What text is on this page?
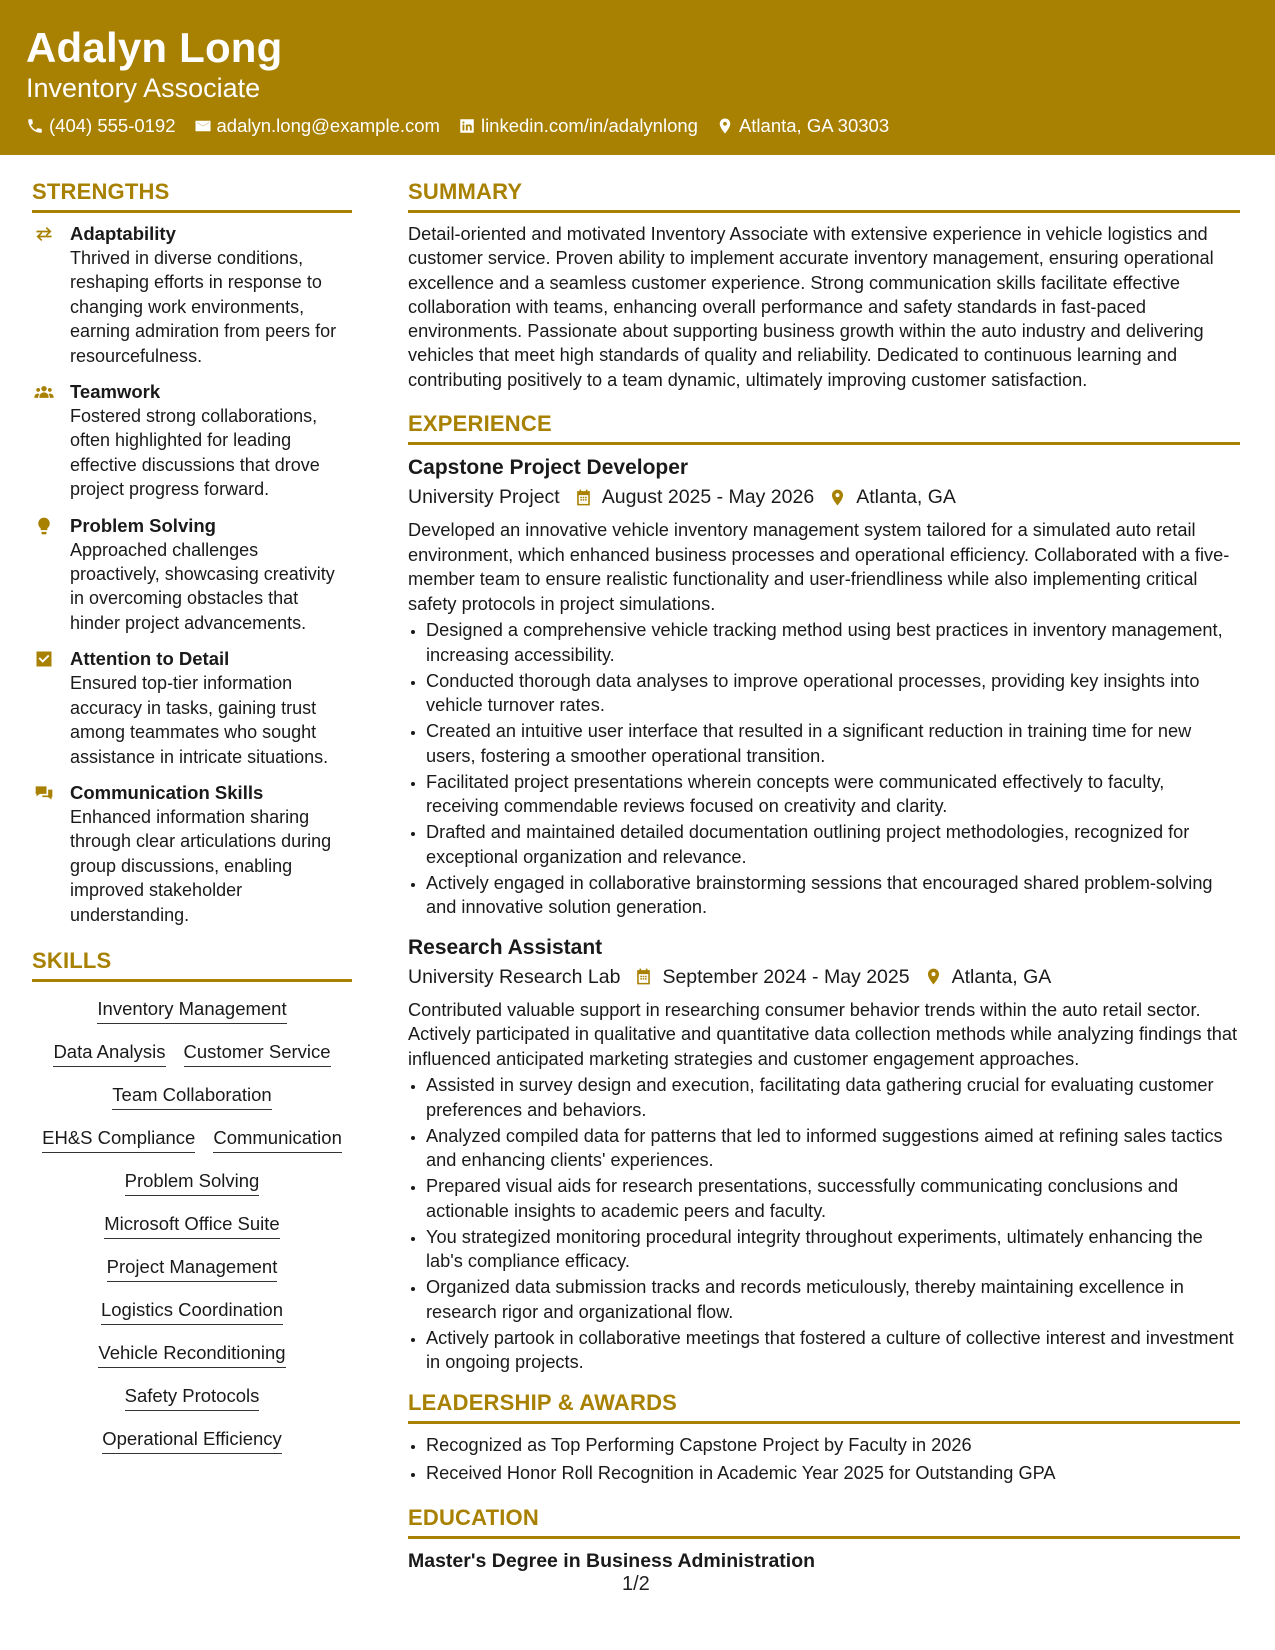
Adalyn Long
Inventory Associate
(404) 555-0192 adalyn.long@example.com linkedin.com/in/adalynlong Atlanta, GA 30303
STRENGTHS
Adaptability
Thrived in diverse conditions, reshaping efforts in response to changing work environments, earning admiration from peers for resourcefulness.
Teamwork
Fostered strong collaborations, often highlighted for leading effective discussions that drove project progress forward.
Problem Solving
Approached challenges proactively, showcasing creativity in overcoming obstacles that hinder project advancements.
Attention to Detail
Ensured top-tier information accuracy in tasks, gaining trust among teammates who sought assistance in intricate situations.
Communication Skills
Enhanced information sharing through clear articulations during group discussions, enabling improved stakeholder understanding.
SKILLS
Inventory Management
Data Analysis Customer Service
Team Collaboration
EH&S Compliance Communication
Problem Solving
Microsoft Office Suite
Project Management
Logistics Coordination
Vehicle Reconditioning
Safety Protocols
Operational Efficiency
SUMMARY
Detail-oriented and motivated Inventory Associate with extensive experience in vehicle logistics and customer service. Proven ability to implement accurate inventory management, ensuring operational excellence and a seamless customer experience. Strong communication skills facilitate effective collaboration with teams, enhancing overall performance and safety standards in fast-paced environments. Passionate about supporting business growth within the auto industry and delivering vehicles that meet high standards of quality and reliability. Dedicated to continuous learning and contributing positively to a team dynamic, ultimately improving customer satisfaction.
EXPERIENCE
Capstone Project Developer
University Project August 2025 - May 2026 Atlanta, GA
Developed an innovative vehicle inventory management system tailored for a simulated auto retail environment, which enhanced business processes and operational efficiency. Collaborated with a five-member team to ensure realistic functionality and user-friendliness while also implementing critical safety protocols in project simulations.
• Designed a comprehensive vehicle tracking method using best practices in inventory management, increasing accessibility.
• Conducted thorough data analyses to improve operational processes, providing key insights into vehicle turnover rates.
• Created an intuitive user interface that resulted in a significant reduction in training time for new users, fostering a smoother operational transition.
• Facilitated project presentations wherein concepts were communicated effectively to faculty, receiving commendable reviews focused on creativity and clarity.
• Drafted and maintained detailed documentation outlining project methodologies, recognized for exceptional organization and relevance.
• Actively engaged in collaborative brainstorming sessions that encouraged shared problem-solving and innovative solution generation.
Research Assistant
University Research Lab September 2024 - May 2025 Atlanta, GA
Contributed valuable support in researching consumer behavior trends within the auto retail sector. Actively participated in qualitative and quantitative data collection methods while analyzing findings that influenced anticipated marketing strategies and customer engagement approaches.
• Assisted in survey design and execution, facilitating data gathering crucial for evaluating customer preferences and behaviors.
• Analyzed compiled data for patterns that led to informed suggestions aimed at refining sales tactics and enhancing clients' experiences.
• Prepared visual aids for research presentations, successfully communicating conclusions and actionable insights to academic peers and faculty.
• You strategized monitoring procedural integrity throughout experiments, ultimately enhancing the lab's compliance efficacy.
• Organized data submission tracks and records meticulously, thereby maintaining excellence in research rigor and organizational flow.
• Actively partook in collaborative meetings that fostered a culture of collective interest and investment in ongoing projects.
LEADERSHIP & AWARDS
• Recognized as Top Performing Capstone Project by Faculty in 2026
• Received Honor Roll Recognition in Academic Year 2025 for Outstanding GPA
EDUCATION
Master's Degree in Business Administration
1/2
